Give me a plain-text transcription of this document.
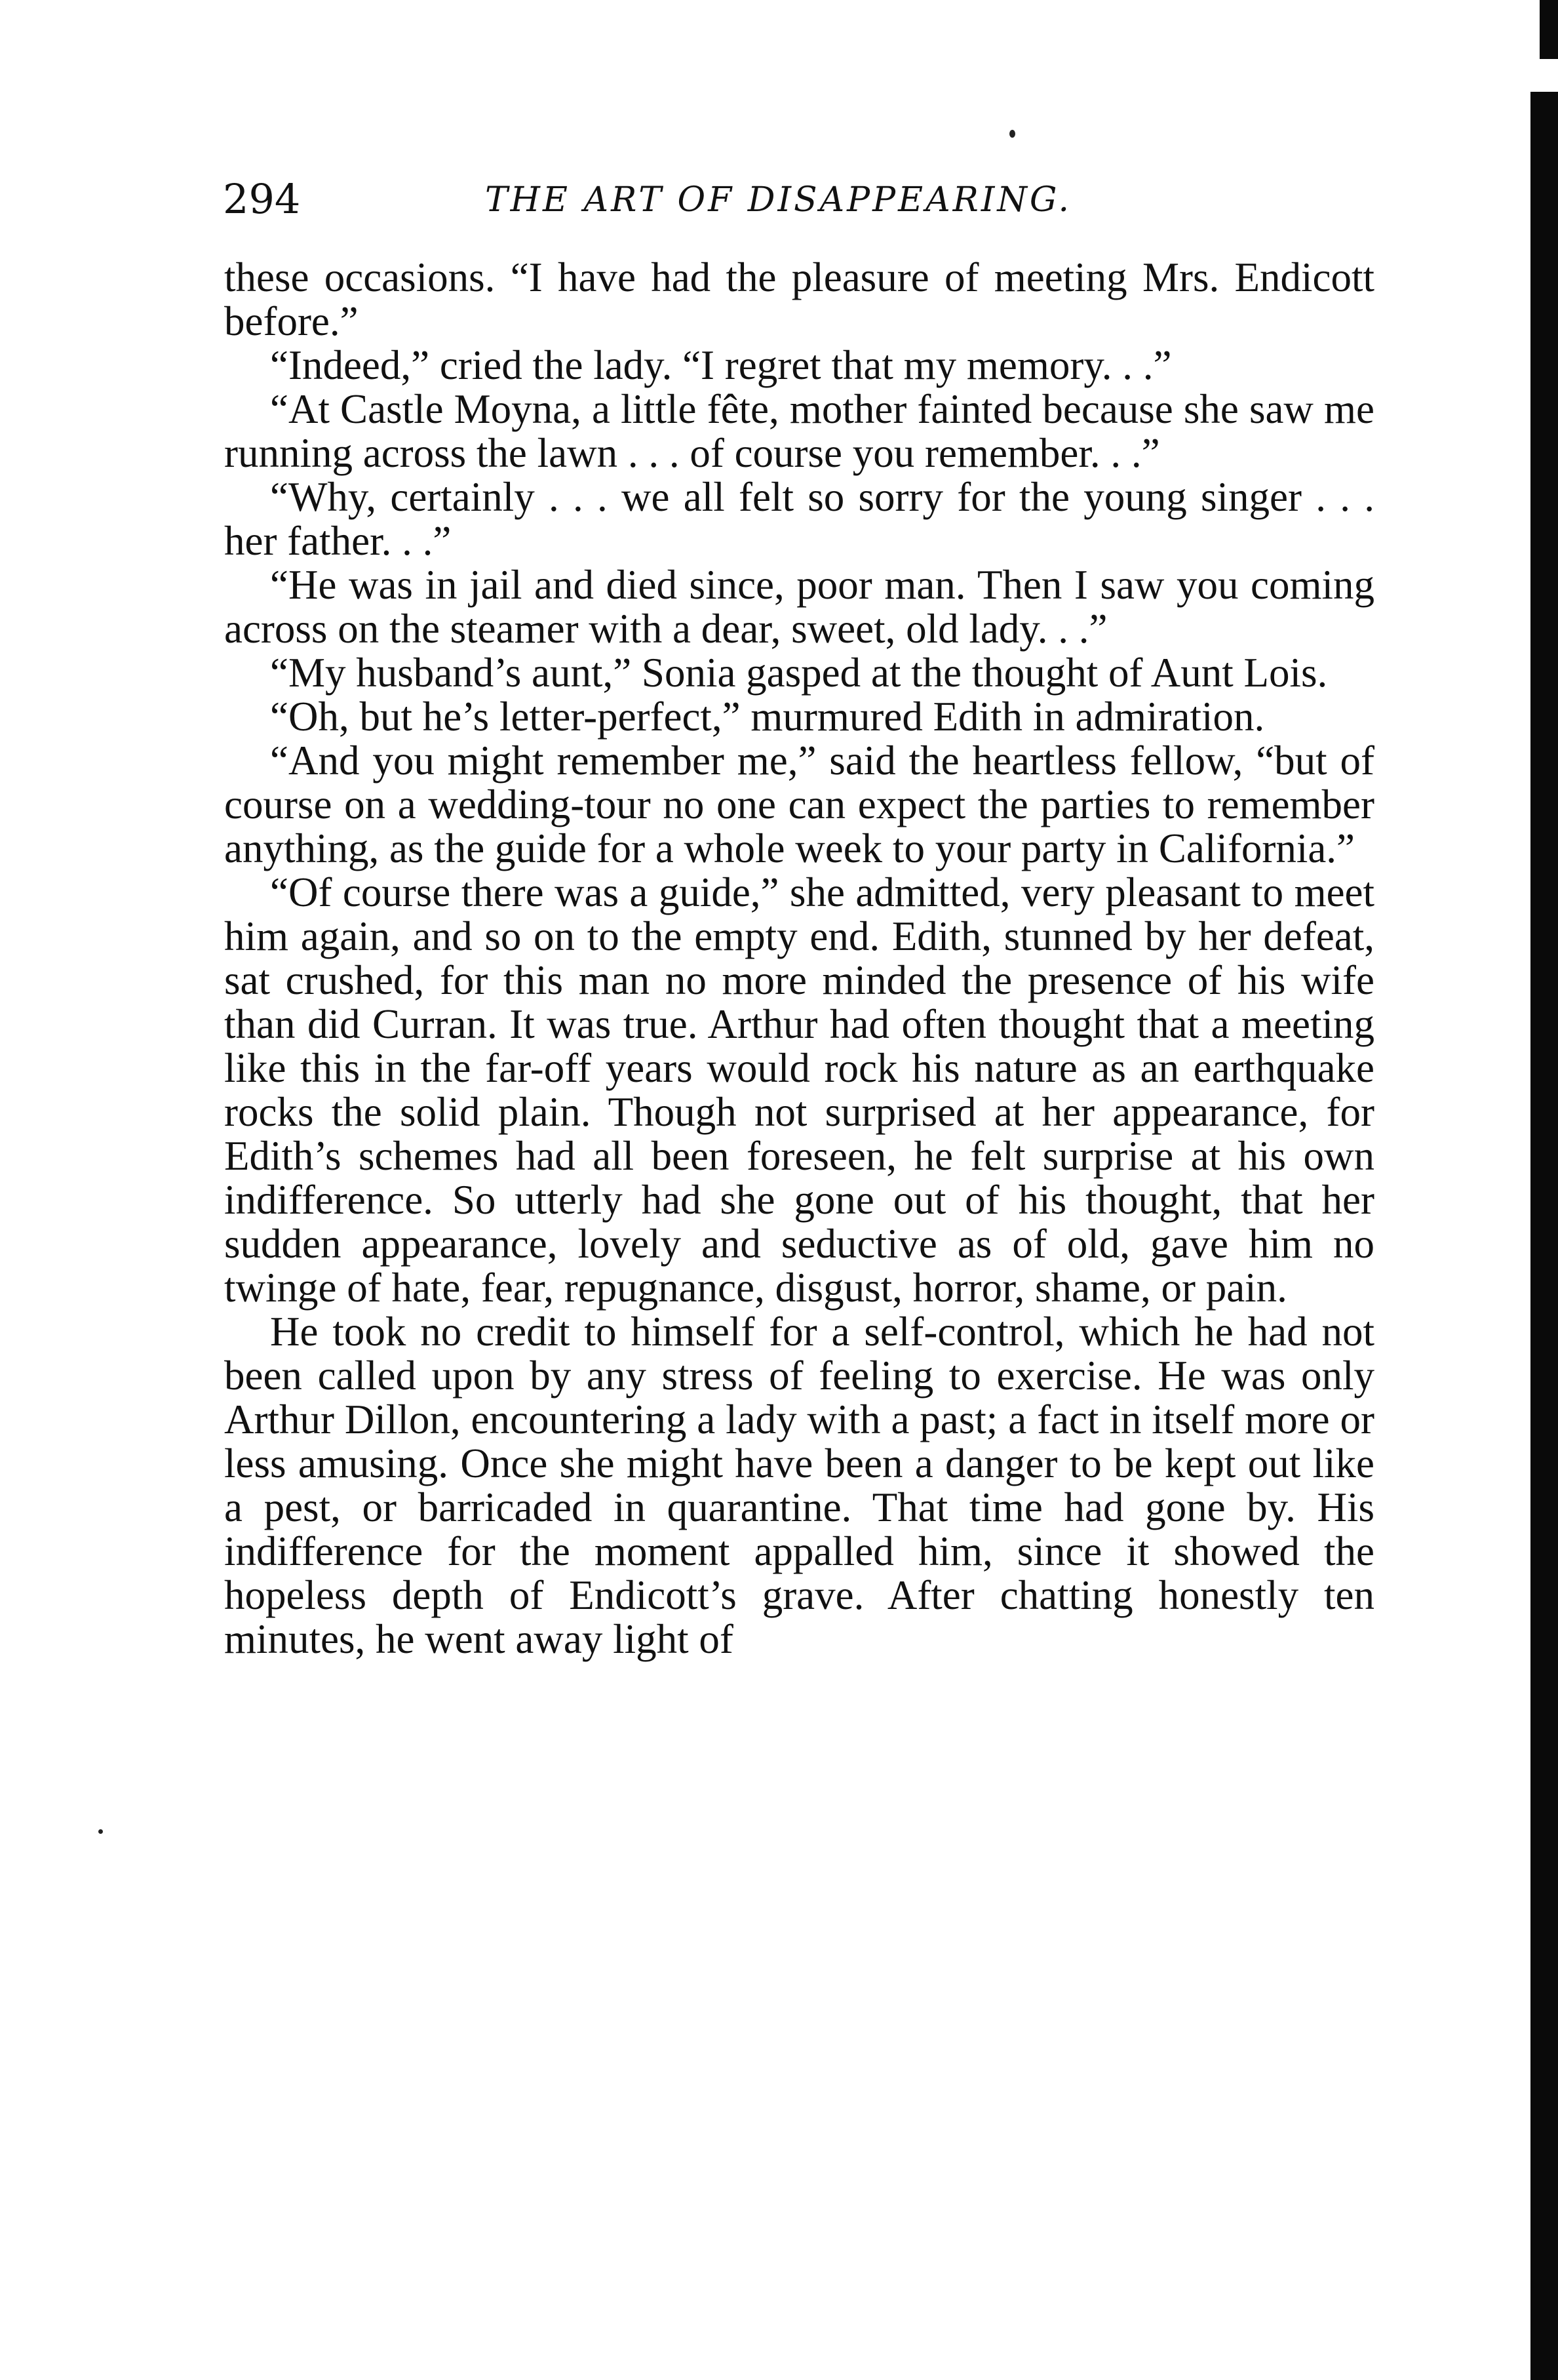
294	THE ART OF DISAPPEARING.

these occasions. “I have had the pleasure of meeting Mrs. Endicott before.”

“Indeed,” cried the lady. “I regret that my memory. . .”

“At Castle Moyna, a little fête, mother fainted because she saw me running across the lawn . . . of course you remember. . .”

“Why, certainly . . . we all felt so sorry for the young singer . . . her father. . .”

“He was in jail and died since, poor man. Then I saw you coming across on the steamer with a dear, sweet, old lady. . .”

“My husband’s aunt,” Sonia gasped at the thought of Aunt Lois.

“Oh, but he’s letter-perfect,” murmured Edith in admiration.

“And you might remember me,” said the heartless fellow, “but of course on a wedding-tour no one can expect the parties to remember anything, as the guide for a whole week to your party in California.”

“Of course there was a guide,” she admitted, very pleasant to meet him again, and so on to the empty end. Edith, stunned by her defeat, sat crushed, for this man no more minded the presence of his wife than did Curran. It was true. Arthur had often thought that a meeting like this in the far-off years would rock his nature as an earthquake rocks the solid plain. Though not surprised at her appearance, for Edith’s schemes had all been foreseen, he felt surprise at his own indifference. So utterly had she gone out of his thought, that her sudden appearance, lovely and seductive as of old, gave him no twinge of hate, fear, repugnance, disgust, horror, shame, or pain.

He took no credit to himself for a self-control, which he had not been called upon by any stress of feeling to exercise. He was only Arthur Dillon, encountering a lady with a past; a fact in itself more or less amusing. Once she might have been a danger to be kept out like a pest, or barricaded in quarantine. That time had gone by. His indifference for the moment appalled him, since it showed the hopeless depth of Endicott’s grave. After chatting honestly ten minutes, he went away light of
